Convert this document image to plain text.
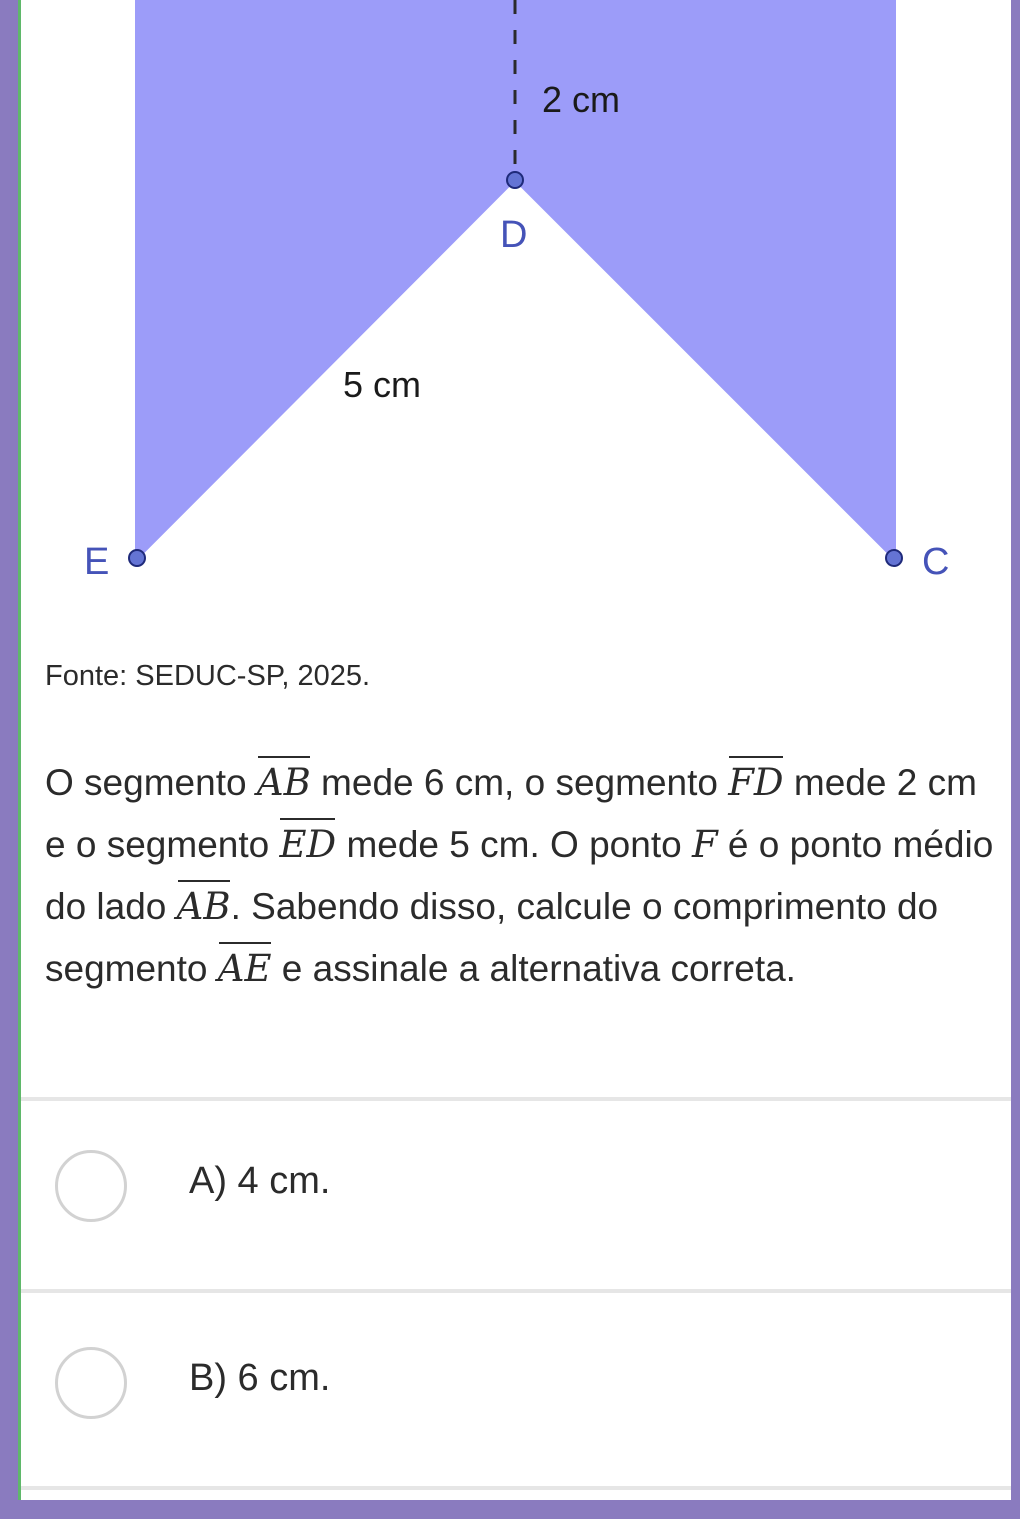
2 cm
5 cm
D
E	C
Fonte: SEDUC-SP, 2025.
O segmento AB mede 6 cm, o segmento FD mede 2 cm e o segmento ED mede 5 cm. O ponto F é o ponto médio do lado AB. Sabendo disso, calcule o comprimento do segmento AE e assinale a alternativa correta.
A) 4 cm.
B) 6 cm.
